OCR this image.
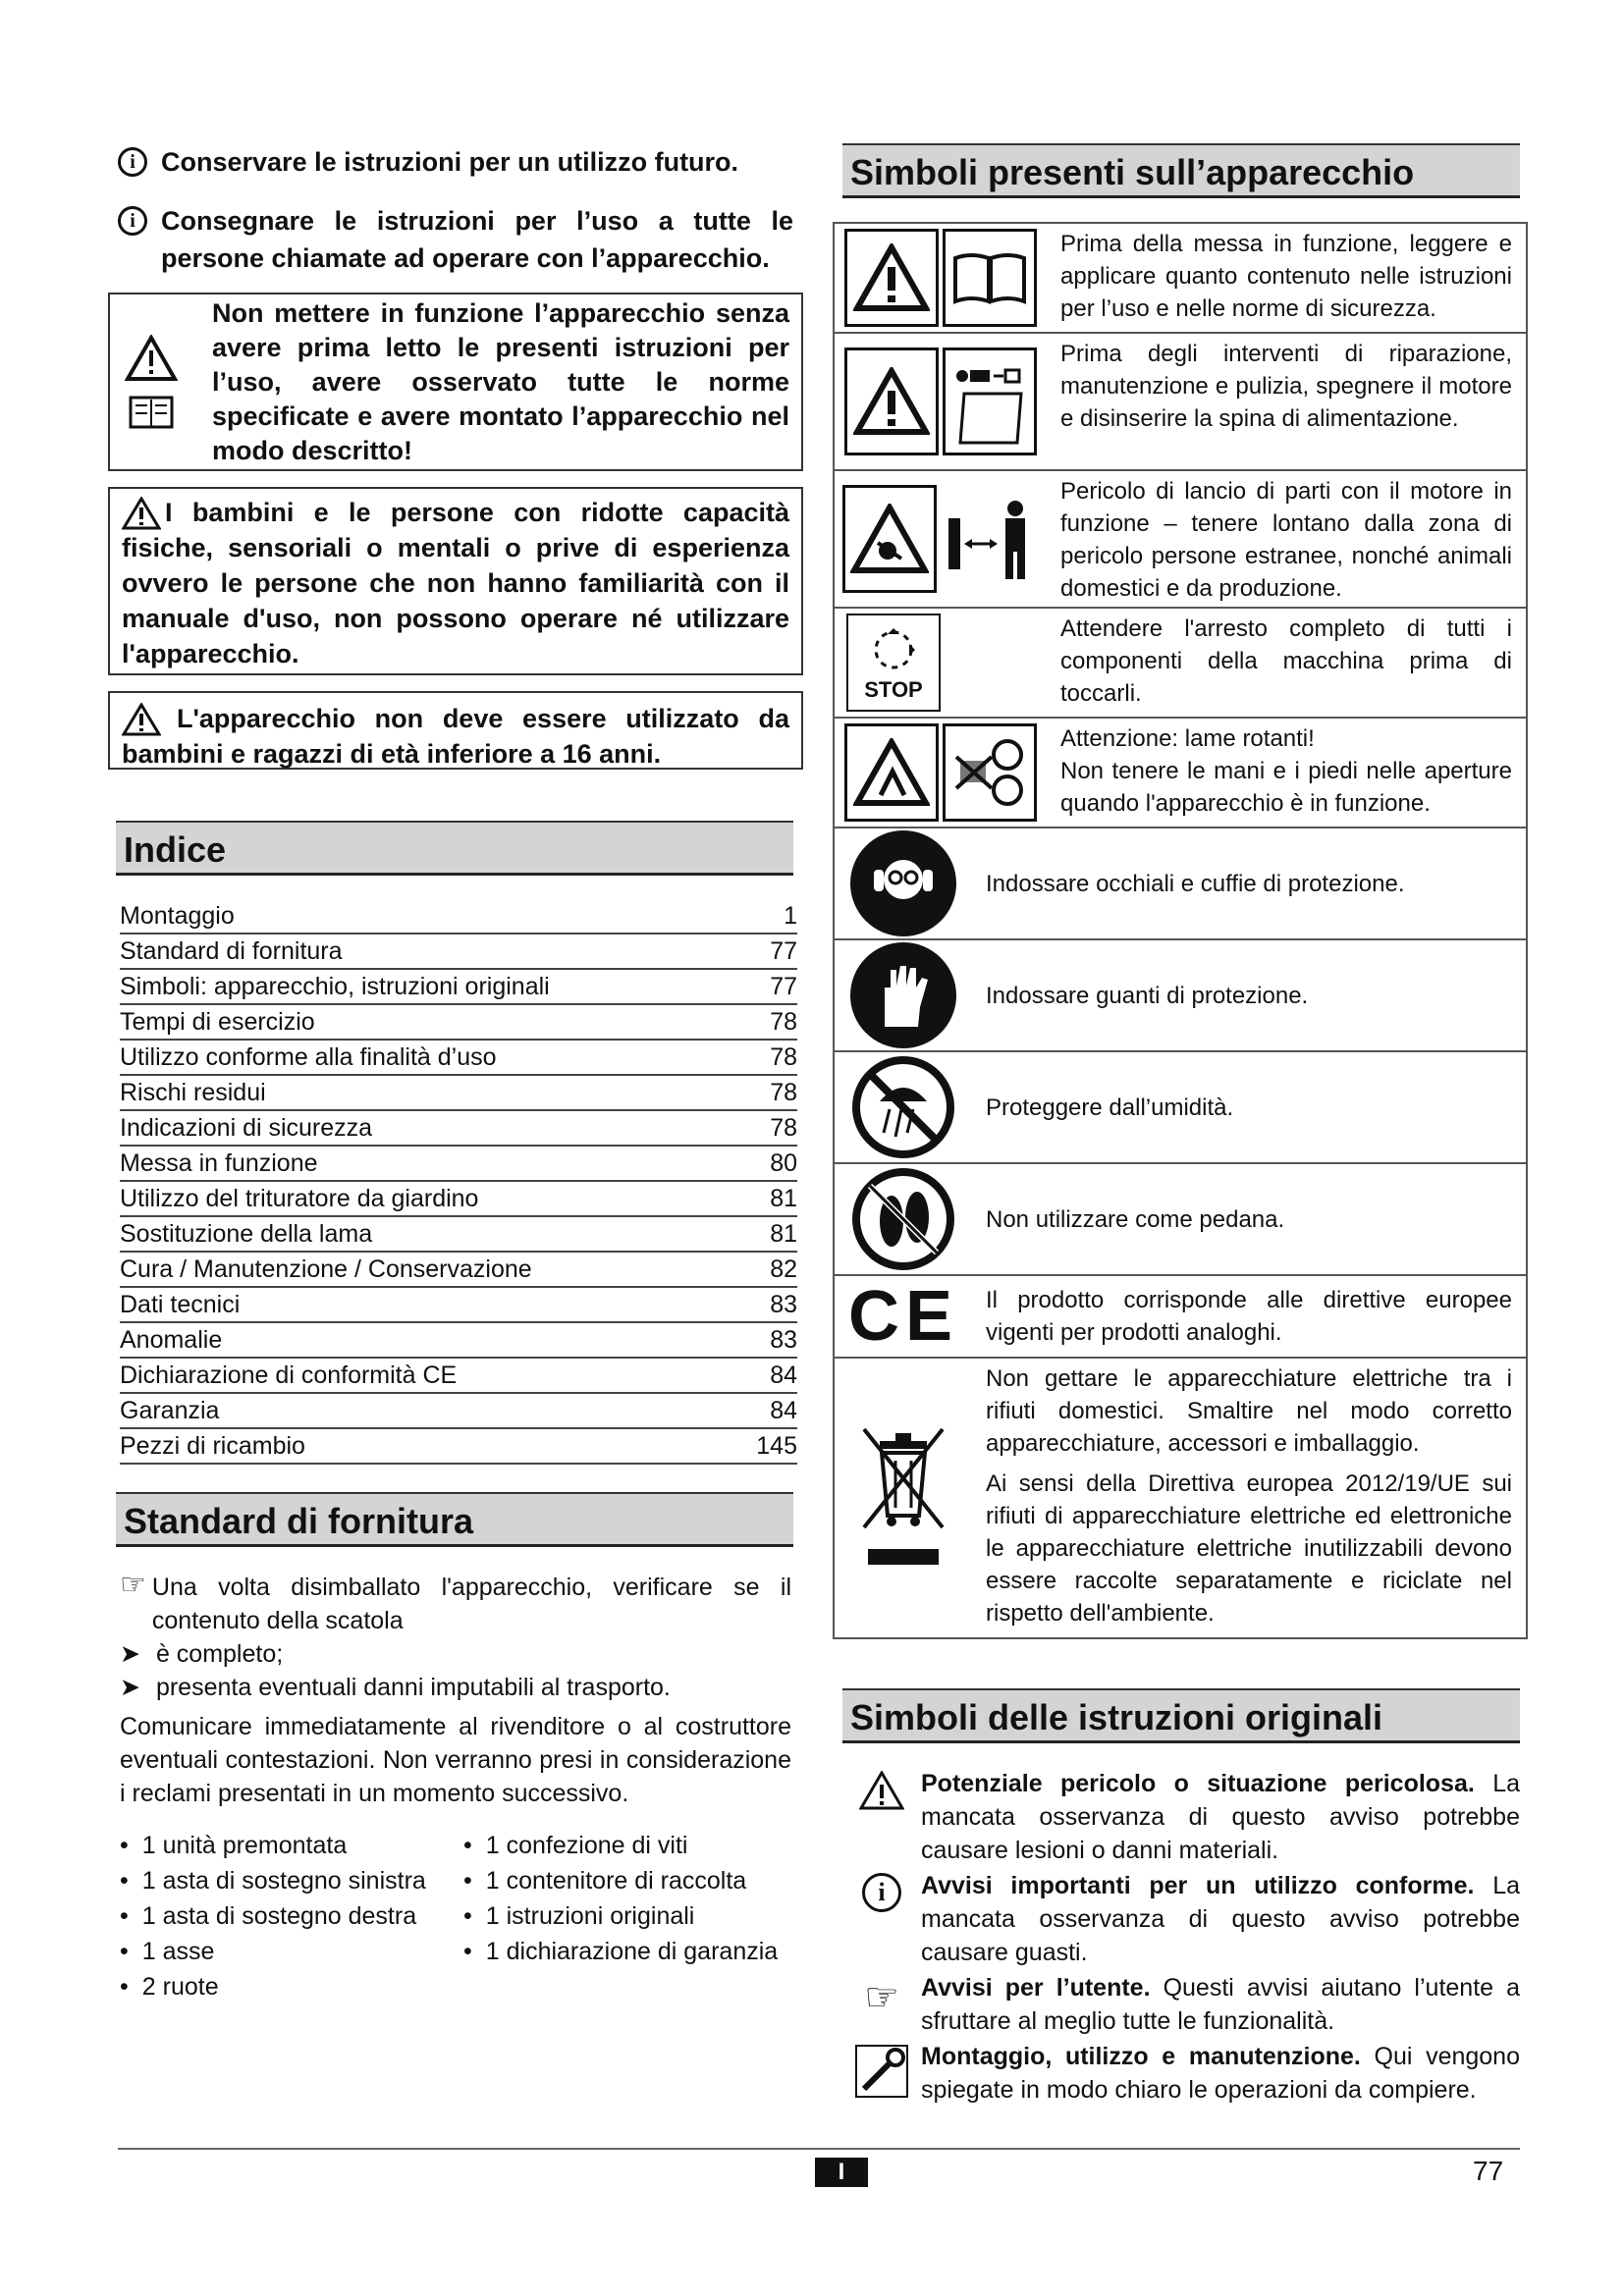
i Conservare le istruzioni per un utilizzo futuro.
i Consegnare le istruzioni per l’uso a tutte le persone chiamate ad operare con l’apparecchio.
Non mettere in funzione l’apparecchio senza avere prima letto le presenti istruzioni per l’uso, avere osservato tutte le norme specificate e avere montato l’apparecchio nel modo descritto!
I bambini e le persone con ridotte capacità fisiche, sensoriali o mentali o prive di esperienza ovvero le persone che non hanno familiarità con il manuale d'uso, non possono operare né utilizzare l'apparecchio.
L'apparecchio non deve essere utilizzato da bambini e ragazzi di età inferiore a 16 anni.
Indice
Montaggio	1
Standard di fornitura	77
Simboli: apparecchio, istruzioni originali	77
Tempi di esercizio	78
Utilizzo conforme alla finalità d’uso	78
Rischi residui	78
Indicazioni di sicurezza	78
Messa in funzione	80
Utilizzo del trituratore da giardino	81
Sostituzione della lama	81
Cura / Manutenzione / Conservazione	82
Dati tecnici	83
Anomalie	83
Dichiarazione di conformità CE	84
Garanzia	84
Pezzi di ricambio	145
Standard di fornitura
☞ Una volta disimballato l'apparecchio, verificare se il contenuto della scatola
➤ è completo;
➤ presenta eventuali danni imputabili al trasporto.
Comunicare immediatamente al rivenditore o al costruttore eventuali contestazioni. Non verranno presi in considerazione i reclami presentati in un momento successivo.
• 1 unità premontata
• 1 asta di sostegno sinistra
• 1 asta di sostegno destra
• 1 asse
• 2 ruote
• 1 confezione di viti
• 1 contenitore di raccolta
• 1 istruzioni originali
• 1 dichiarazione di garanzia
Simboli presenti sull’apparecchio
Prima della messa in funzione, leggere e applicare quanto contenuto nelle istruzioni per l’uso e nelle norme di sicurezza.
Prima degli interventi di riparazione, manutenzione e pulizia, spegnere il motore e disinserire la spina di alimentazione.
Pericolo di lancio di parti con il motore in funzione – tenere lontano dalla zona di pericolo persone estranee, nonché animali domestici e da produzione.
STOP
Attendere l'arresto completo di tutti i componenti della macchina prima di toccarli.
Attenzione: lame rotanti!
Non tenere le mani e i piedi nelle aperture quando l'apparecchio è in funzione.
Indossare occhiali e cuffie di protezione.
Indossare guanti di protezione.
Proteggere dall’umidità.
Non utilizzare come pedana.
CE	Il prodotto corrisponde alle direttive europee vigenti per prodotti analoghi.
Non gettare le apparecchiature elettriche tra i rifiuti domestici. Smaltire nel modo corretto apparecchiature, accessori e imballaggio.
Ai sensi della Direttiva europea 2012/19/UE sui rifiuti di apparecchiature elettriche ed elettroniche le apparecchiature elettriche inutilizzabili devono essere raccolte separatamente e riciclate nel rispetto dell'ambiente.
Simboli delle istruzioni originali
Potenziale pericolo o situazione pericolosa. La mancata osservanza di questo avviso potrebbe causare lesioni o danni materiali.
i	Avvisi importanti per un utilizzo conforme. La mancata osservanza di questo avviso potrebbe causare guasti.
☞ Avvisi per l’utente. Questi avvisi aiutano l’utente a sfruttare al meglio tutte le funzionalità.
Montaggio, utilizzo e manutenzione. Qui vengono spiegate in modo chiaro le operazioni da compiere.
I	77
